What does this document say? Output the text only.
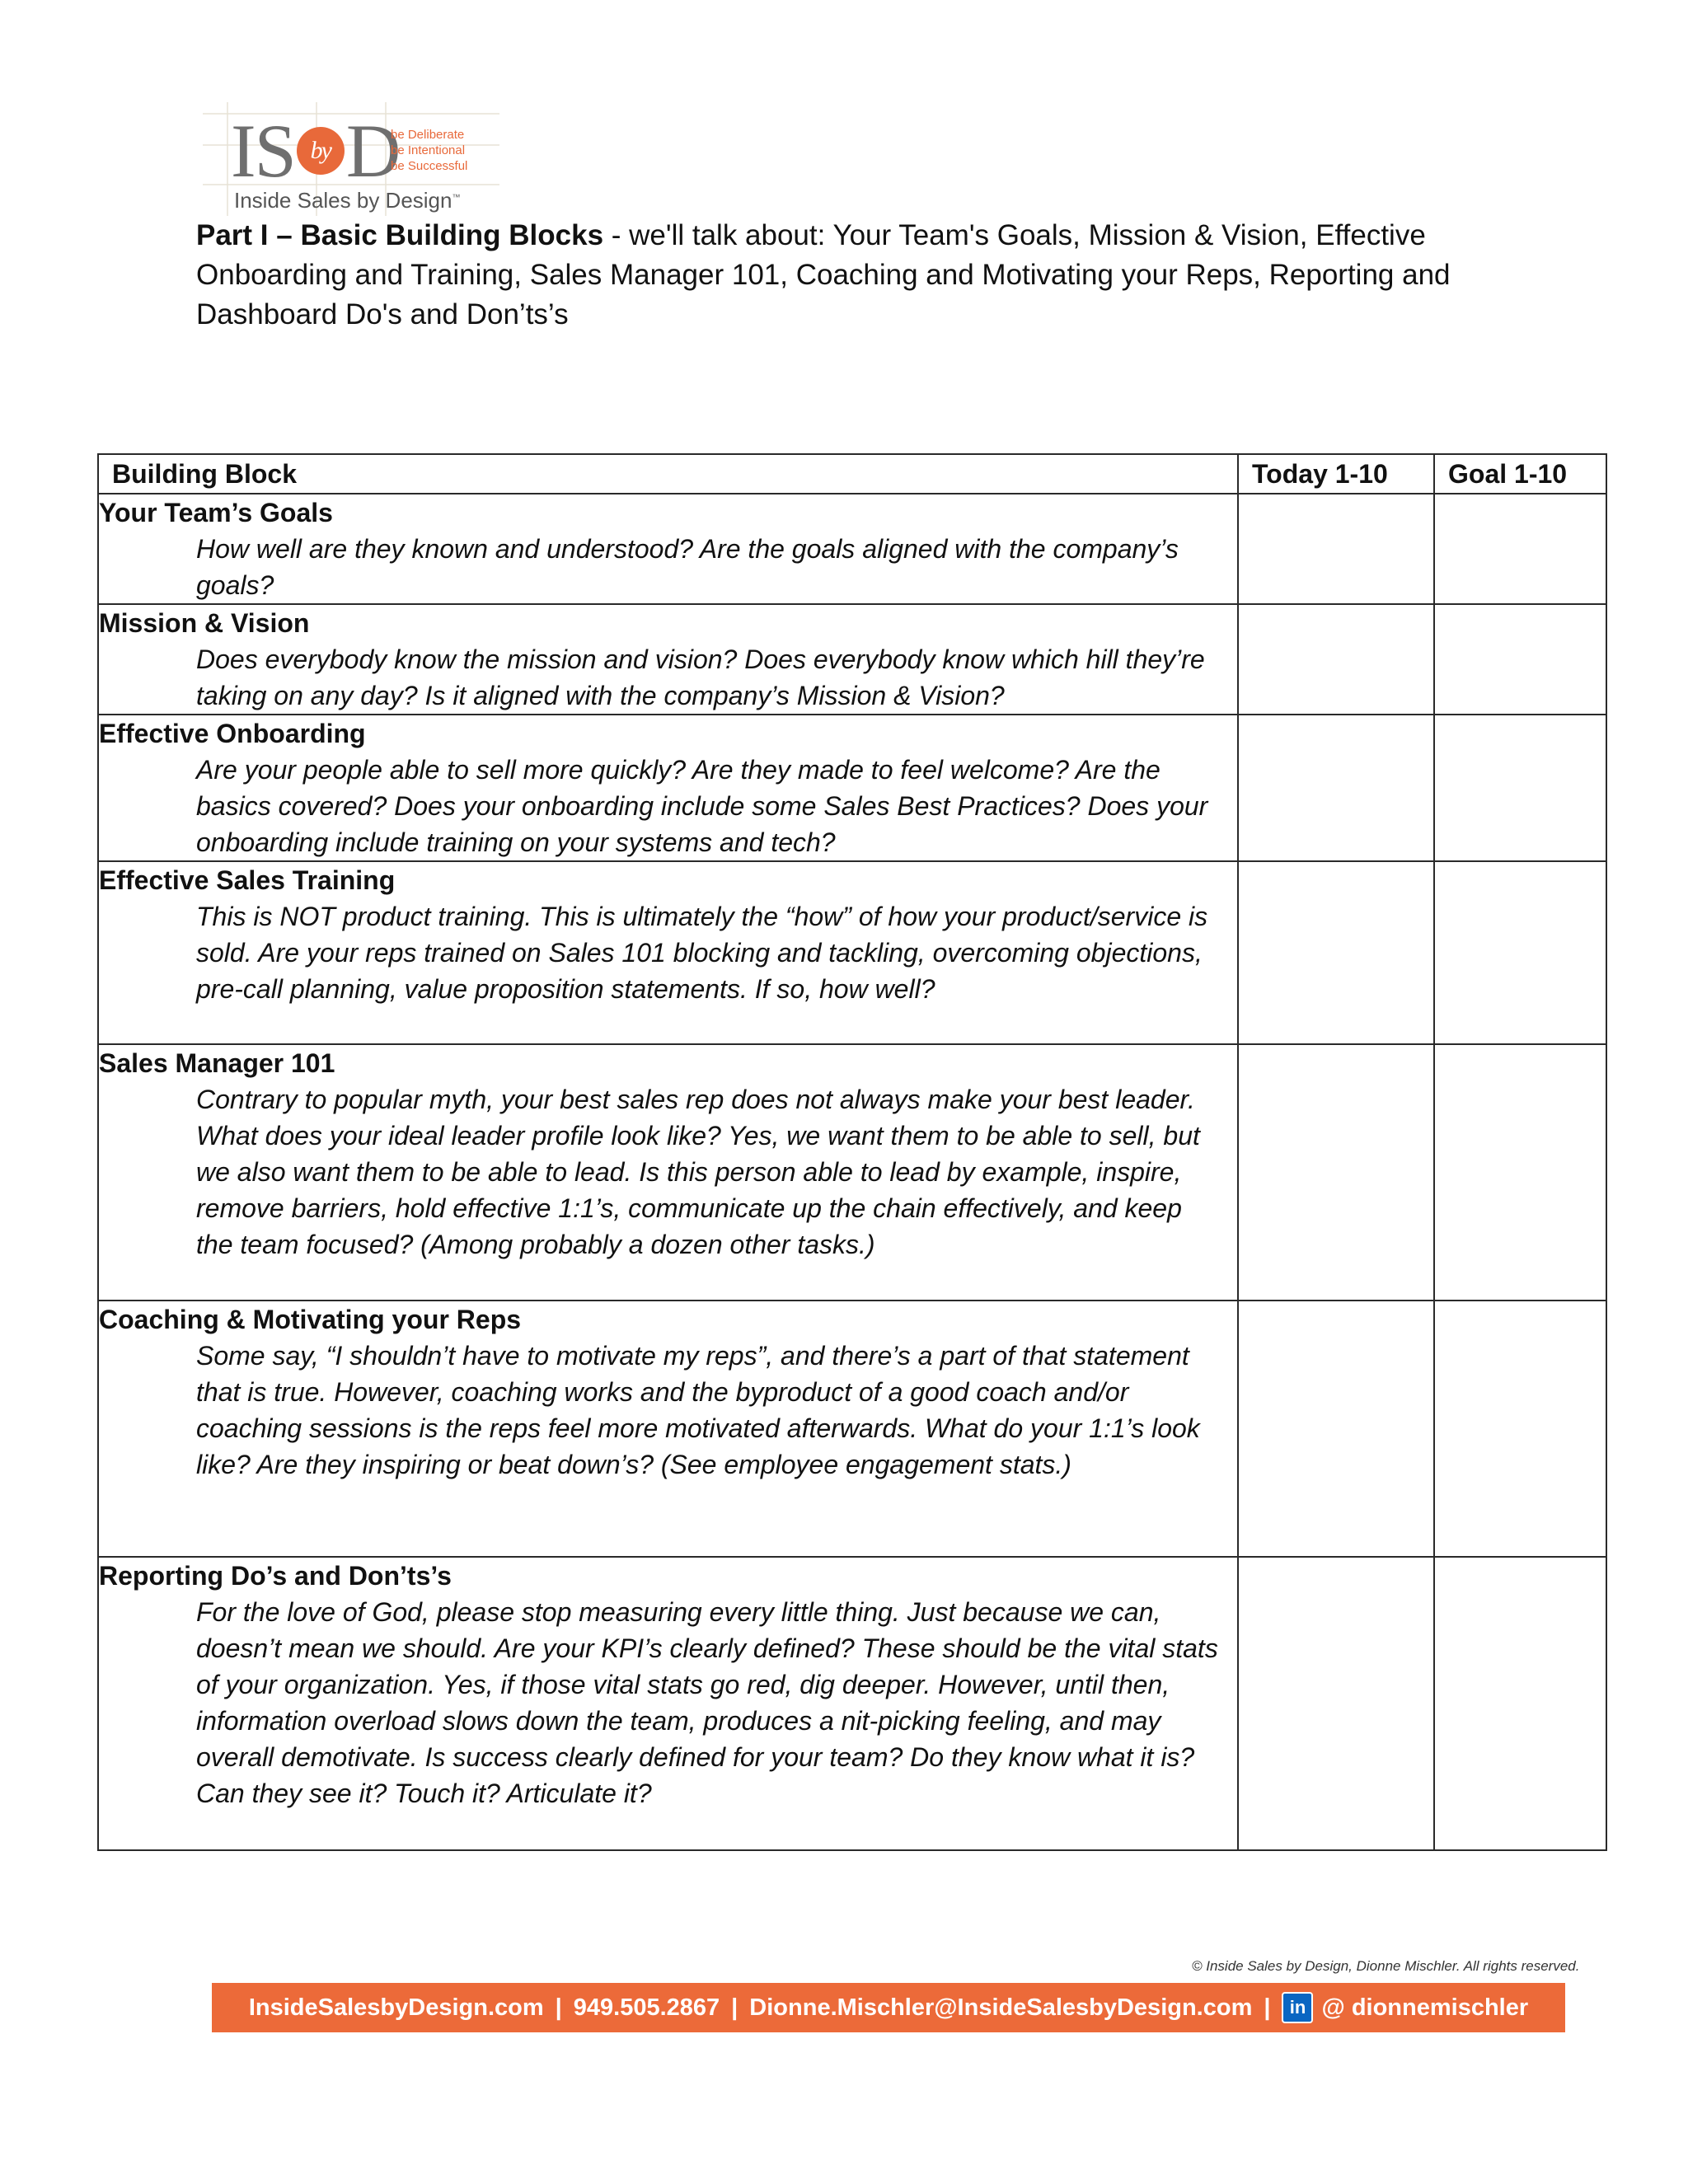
IS by D
be Deliberate
be Intentional
be Successful
Inside Sales by Design™
Part I – Basic Building Blocks - we'll talk about: Your Team's Goals, Mission & Vision, Effective Onboarding and Training, Sales Manager 101, Coaching and Motivating your Reps, Reporting and Dashboard Do's and Don’ts’s
Building Block	Today 1-10	Goal 1-10

Your Team’s Goals
How well are they known and understood? Are the goals aligned with the company’s goals?		

Mission & Vision
Does everybody know the mission and vision? Does everybody know which hill they’re taking on any day? Is it aligned with the company’s Mission & Vision?		

Effective Onboarding
Are your people able to sell more quickly? Are they made to feel welcome? Are the basics covered? Does your onboarding include some Sales Best Practices? Does your onboarding include training on your systems and tech?		

Effective Sales Training
This is NOT product training. This is ultimately the “how” of how your product/service is sold. Are your reps trained on Sales 101 blocking and tackling, overcoming objections, pre-call planning, value proposition statements. If so, how well?		

Sales Manager 101
Contrary to popular myth, your best sales rep does not always make your best leader. What does your ideal leader profile look like? Yes, we want them to be able to sell, but we also want them to be able to lead. Is this person able to lead by example, inspire, remove barriers, hold effective 1:1’s, communicate up the chain effectively, and keep the team focused? (Among probably a dozen other tasks.)		

Coaching & Motivating your Reps
Some say, “I shouldn’t have to motivate my reps”, and there’s a part of that statement that is true. However, coaching works and the byproduct of a good coach and/or coaching sessions is the reps feel more motivated afterwards. What do your 1:1’s look like? Are they inspiring or beat down’s? (See employee engagement stats.)		

Reporting Do’s and Don’ts’s
For the love of God, please stop measuring every little thing. Just because we can, doesn’t mean we should. Are your KPI’s clearly defined? These should be the vital stats of your organization. Yes, if those vital stats go red, dig deeper. However, until then, information overload slows down the team, produces a nit-picking feeling, and may overall demotivate. Is success clearly defined for your team? Do they know what it is? Can they see it? Touch it? Articulate it?		

© Inside Sales by Design, Dionne Mischler. All rights reserved.
InsideSalesbyDesign.com | 949.505.2867 | Dionne.Mischler@InsideSalesbyDesign.com |	in @ dionnemischler
